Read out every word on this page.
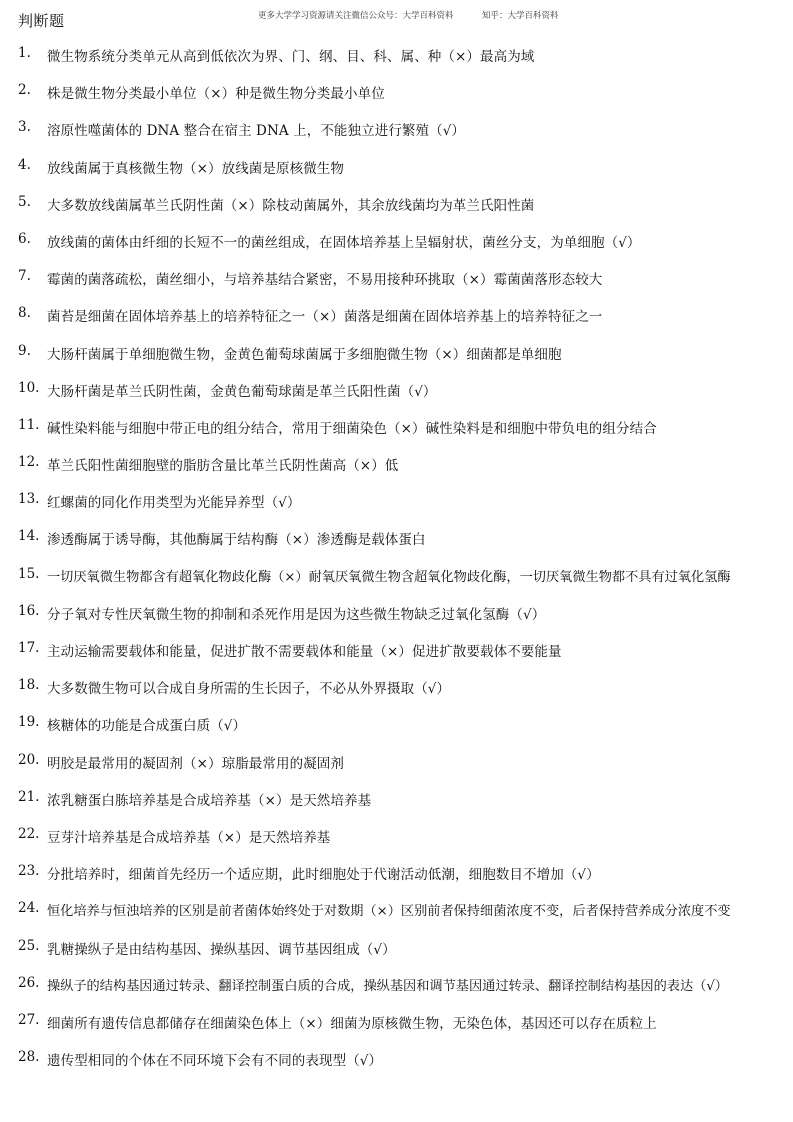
判断题	更多大学学习资源请关注微信公众号：大学百科资料	知乎：大学百科资料
1. 微生物系统分类单元从高到低依次为界、门、纲、目、科、属、种（×）最高为域
2. 株是微生物分类最小单位（×）种是微生物分类最小单位
3. 溶原性噬菌体的 DNA 整合在宿主 DNA 上，不能独立进行繁殖（√）
4. 放线菌属于真核微生物（×）放线菌是原核微生物
5. 大多数放线菌属革兰氏阴性菌（×）除枝动菌属外，其余放线菌均为革兰氏阳性菌
6. 放线菌的菌体由纤细的长短不一的菌丝组成，在固体培养基上呈辐射状，菌丝分支，为单细胞（√）
7. 霉菌的菌落疏松，菌丝细小，与培养基结合紧密，不易用接种环挑取（×）霉菌菌落形态较大
8. 菌苔是细菌在固体培养基上的培养特征之一（×）菌落是细菌在固体培养基上的培养特征之一
9. 大肠杆菌属于单细胞微生物，金黄色葡萄球菌属于多细胞微生物（×）细菌都是单细胞
10. 大肠杆菌是革兰氏阴性菌，金黄色葡萄球菌是革兰氏阳性菌（√）
11. 碱性染料能与细胞中带正电的组分结合，常用于细菌染色（×）碱性染料是和细胞中带负电的组分结合
12. 革兰氏阳性菌细胞壁的脂肪含量比革兰氏阴性菌高（×）低
13. 红螺菌的同化作用类型为光能异养型（√）
14. 渗透酶属于诱导酶，其他酶属于结构酶（×）渗透酶是载体蛋白
15. 一切厌氧微生物都含有超氧化物歧化酶（×）耐氧厌氧微生物含超氧化物歧化酶，一切厌氧微生物都不具有过氧化氢酶
16. 分子氧对专性厌氧微生物的抑制和杀死作用是因为这些微生物缺乏过氧化氢酶（√）
17. 主动运输需要载体和能量，促进扩散不需要载体和能量（×）促进扩散要载体不要能量
18. 大多数微生物可以合成自身所需的生长因子，不必从外界摄取（√）
19. 核糖体的功能是合成蛋白质（√）
20. 明胶是最常用的凝固剂（×）琼脂最常用的凝固剂
21. 浓乳糖蛋白胨培养基是合成培养基（×）是天然培养基
22. 豆芽汁培养基是合成培养基（×）是天然培养基
23. 分批培养时，细菌首先经历一个适应期，此时细胞处于代谢活动低潮，细胞数目不增加（√）
24. 恒化培养与恒浊培养的区别是前者菌体始终处于对数期（×）区别前者保持细菌浓度不变，后者保持营养成分浓度不变
25. 乳糖操纵子是由结构基因、操纵基因、调节基因组成（√）
26. 操纵子的结构基因通过转录、翻译控制蛋白质的合成，操纵基因和调节基因通过转录、翻译控制结构基因的表达（√）
27. 细菌所有遗传信息都储存在细菌染色体上（×）细菌为原核微生物，无染色体，基因还可以存在质粒上
28. 遗传型相同的个体在不同环境下会有不同的表现型（√）
